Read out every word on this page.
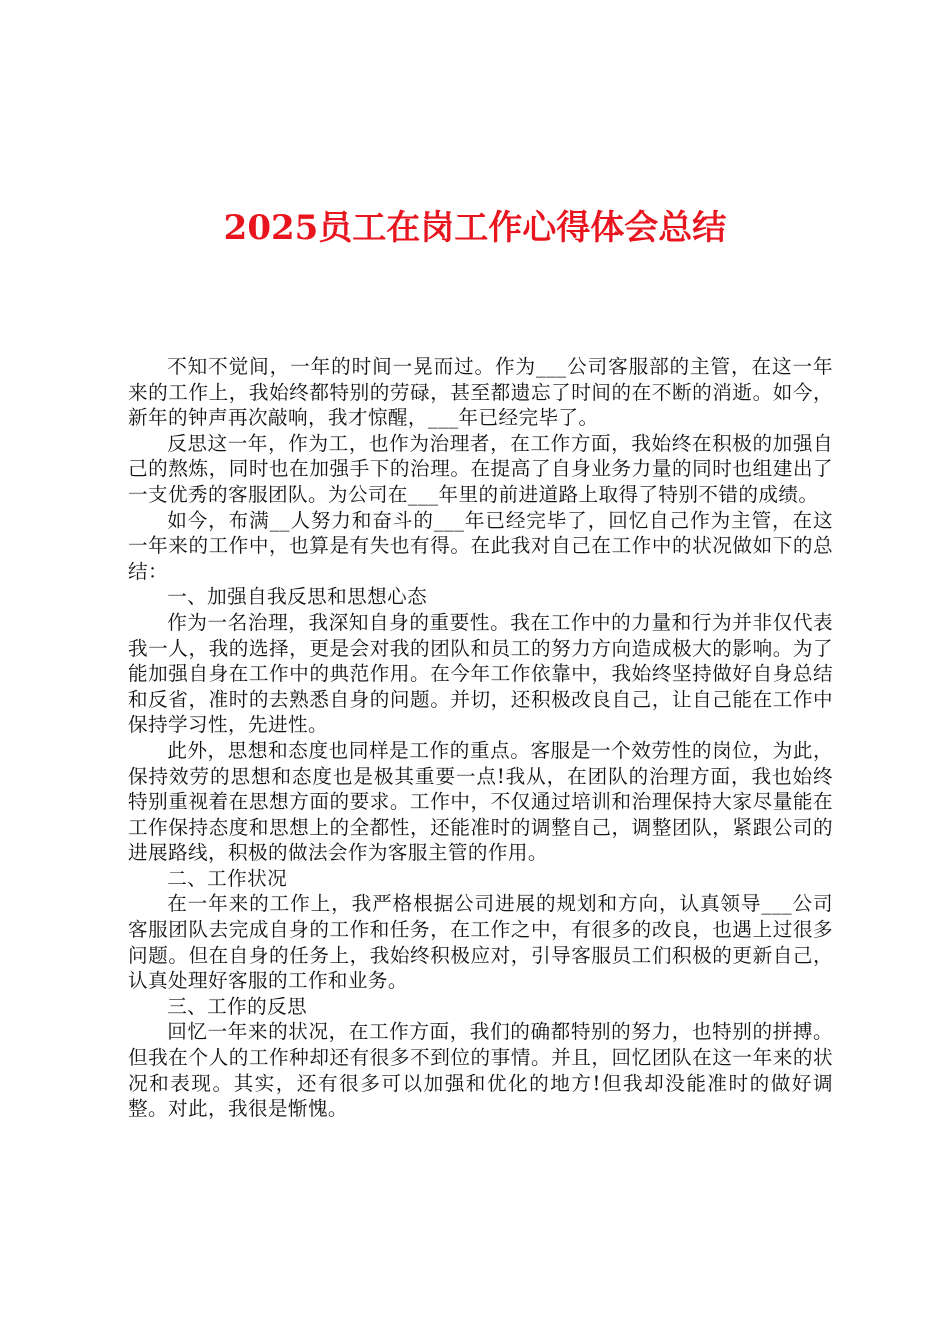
2025员工在岗工作心得体会总结

不知不觉间，一年的时间一晃而过。作为___公司客服部的主管，在这一年来的工作上，我始终都特别的劳碌，甚至都遗忘了时间的在不断的消逝。如今，新年的钟声再次敲响，我才惊醒，___年已经完毕了。

反思这一年，作为工，也作为治理者，在工作方面，我始终在积极的加强自己的熬炼，同时也在加强手下的治理。在提高了自身业务力量的同时也组建出了一支优秀的客服团队。为公司在___年里的前进道路上取得了特别不错的成绩。

如今，布满__人努力和奋斗的___年已经完毕了，回忆自己作为主管，在这一年来的工作中，也算是有失也有得。在此我对自己在工作中的状况做如下的总结：

一、加强自我反思和思想心态

作为一名治理，我深知自身的重要性。我在工作中的力量和行为并非仅代表我一人，我的选择，更是会对我的团队和员工的努力方向造成极大的影响。为了能加强自身在工作中的典范作用。在今年工作依靠中，我始终坚持做好自身总结和反省，准时的去熟悉自身的问题。并切，还积极改良自己，让自己能在工作中保持学习性，先进性。

此外，思想和态度也同样是工作的重点。客服是一个效劳性的岗位，为此，保持效劳的思想和态度也是极其重要一点!我从，在团队的治理方面，我也始终特别重视着在思想方面的要求。工作中，不仅通过培训和治理保持大家尽量能在工作保持态度和思想上的全都性，还能准时的调整自己，调整团队，紧跟公司的进展路线，积极的做法会作为客服主管的作用。

二、工作状况

在一年来的工作上，我严格根据公司进展的规划和方向，认真领导___公司客服团队去完成自身的工作和任务，在工作之中，有很多的改良，也遇上过很多问题。但在自身的任务上，我始终积极应对，引导客服员工们积极的更新自己，认真处理好客服的工作和业务。

三、工作的反思

回忆一年来的状况，在工作方面，我们的确都特别的努力，也特别的拼搏。但我在个人的工作种却还有很多不到位的事情。并且，回忆团队在这一年来的状况和表现。其实，还有很多可以加强和优化的地方!但我却没能准时的做好调整。对此，我很是惭愧。
